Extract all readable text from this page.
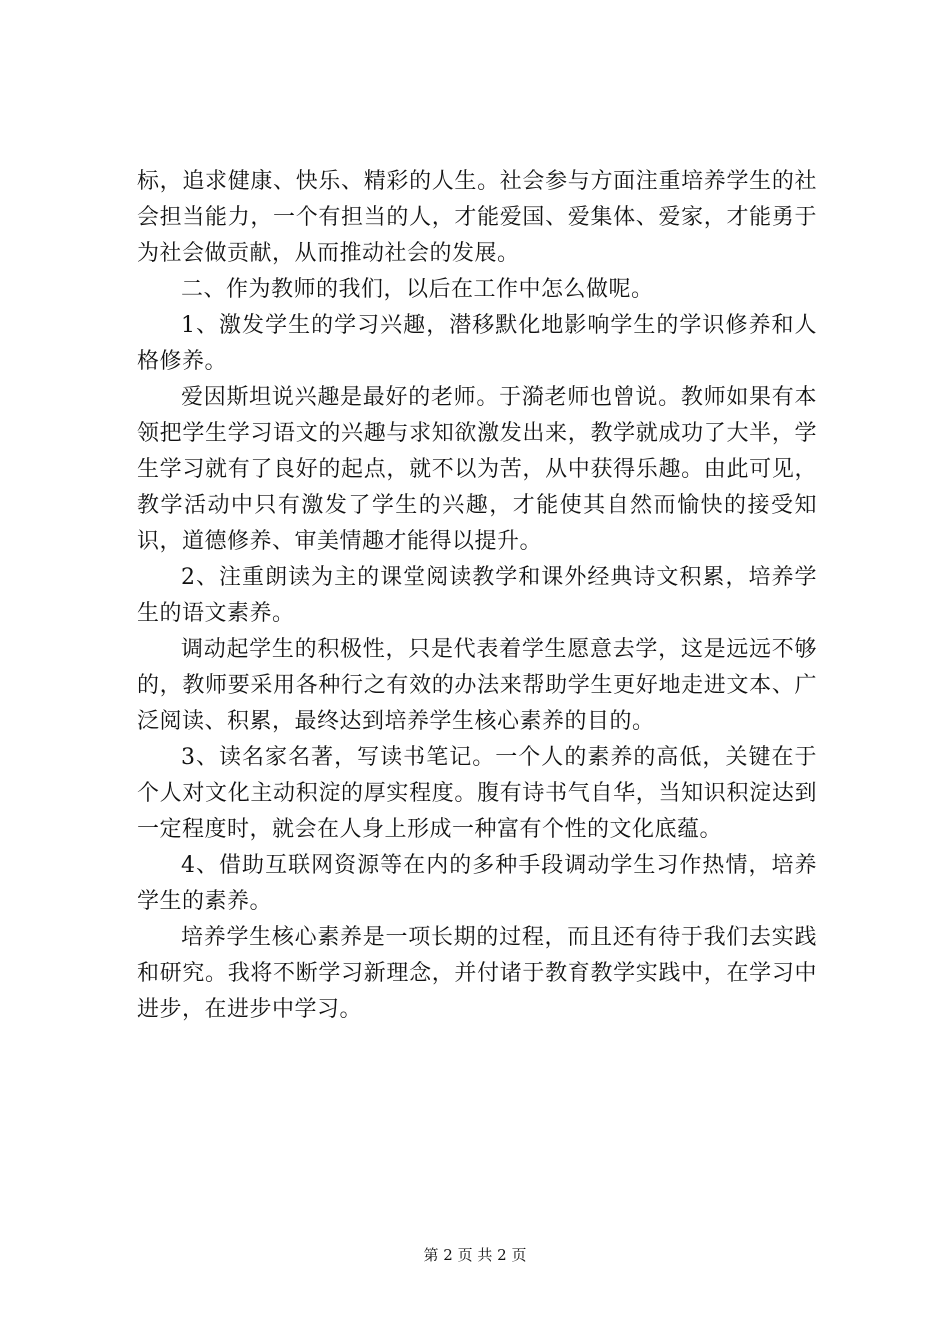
标，追求健康、快乐、精彩的人生。社会参与方面注重培养学生的社会担当能力，一个有担当的人，才能爱国、爱集体、爱家，才能勇于为社会做贡献，从而推动社会的发展。

二、作为教师的我们，以后在工作中怎么做呢。

1、激发学生的学习兴趣，潜移默化地影响学生的学识修养和人格修养。

爱因斯坦说兴趣是最好的老师。于漪老师也曾说。教师如果有本领把学生学习语文的兴趣与求知欲激发出来，教学就成功了大半，学生学习就有了良好的起点，就不以为苦，从中获得乐趣。由此可见，教学活动中只有激发了学生的兴趣，才能使其自然而愉快的接受知识，道德修养、审美情趣才能得以提升。

2、注重朗读为主的课堂阅读教学和课外经典诗文积累，培养学生的语文素养。

调动起学生的积极性，只是代表着学生愿意去学，这是远远不够的，教师要采用各种行之有效的办法来帮助学生更好地走进文本、广泛阅读、积累，最终达到培养学生核心素养的目的。

3、读名家名著，写读书笔记。一个人的素养的高低，关键在于个人对文化主动积淀的厚实程度。腹有诗书气自华，当知识积淀达到一定程度时，就会在人身上形成一种富有个性的文化底蕴。

4、借助互联网资源等在内的多种手段调动学生习作热情，培养学生的素养。

培养学生核心素养是一项长期的过程，而且还有待于我们去实践和研究。我将不断学习新理念，并付诸于教育教学实践中，在学习中进步，在进步中学习。

第 2 页 共 2 页
